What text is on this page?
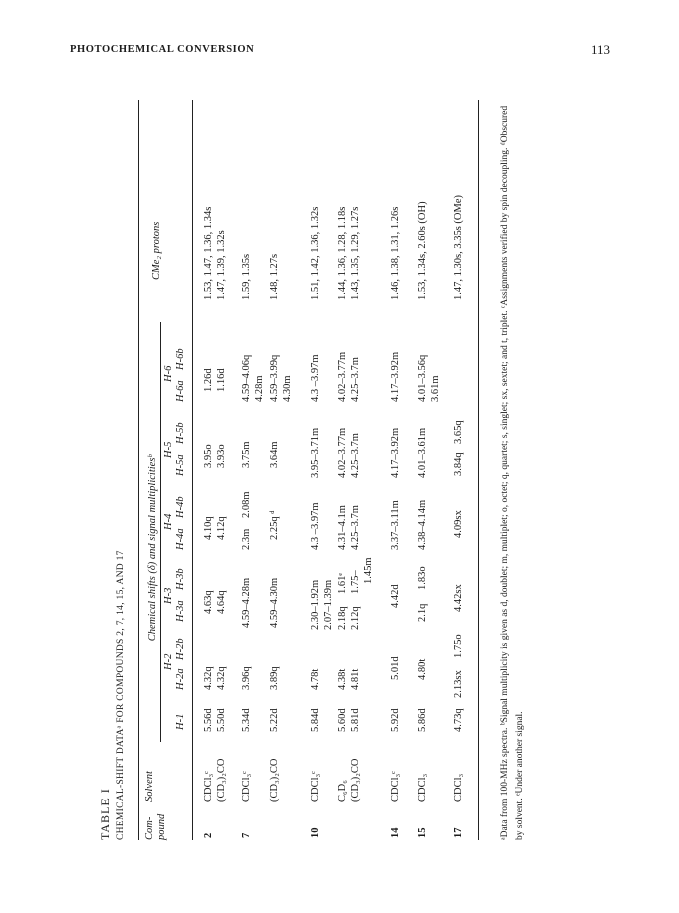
PHOTOCHEMICAL CONVERSION	113
TABLE I CHEMICAL-SHIFT DATAᵃ FOR COMPOUNDS 2, 7, 14, 15, AND 17 Com- pound
Solvent
Chemical shifts (δ) and signal multiplicitiesᵇ
H-1
H-2
H-2a
H-2b
H-3
H-3a
H-3b
H-4
H-4a
H-4b
H-5
H-5a
H-5b
H-6
H-6a
H-6b
CMe₂ protons
2
CDCl₃ᶜ
5.56d
4.32q
4.63q
4.10q
3.95o
1.26d
1.53, 1.47, 1.36, 1.34s
(CD₃)₂CO
5.50d
4.32q
4.64q
4.12q
3.93o
1.16d
1.47, 1.39, 1.32s
7
CDCl₃ᶜ
5.34d
3.96q
4.59–4.28m
2.3m
2.08m
3.75m
4.59–4.06q 4.28m
1.59, 1.35s
(CD₃)₂CO
5.22d
3.89q
4.59–4.30m
2.25q ᵈ
3.64m
4.59–3.99q 4.30m
1.48, 1.27s
10
CDCl₃ᶜ
5.84d
4.78t
2.30–1.92m 2.07–1.39m
4.3 –3.97m
3.95–3.71m
4.3 –3.97m
1.51, 1.42, 1.36, 1.32s
C₆D₆
5.60d
4.38t
2.18q
1.61ᵉ
4.31–4.1m
4.02–3.77m
4.02–3.77m
1.44, 1.36, 1.28, 1.18s
(CD₃)₂CO
5.81d
4.81t
2.12q
1.75– 1.45m
4.25–3.7m
4.25–3.7m
4.25–3.7m
1.43, 1.35, 1.29, 1.27s
14
CDCl₃ᶜ
5.92d
5.01d
4.42d
3.37–3.11m
4.17–3.92m
4.17–3.92m
1.46, 1.38, 1.31, 1.26s
15
CDCl₃
5.86d
4.80t
2.1q
1.83o
4.38–4.14m
4.01–3.61m
4.01–3.56q 3.61m
1.53, 1.34s, 2.60s (OH)
17
CDCl₃
4.73q
2.13sx
1.75o
4.42sx
4.09sx
3.84q
3.65q
1.47, 1.30s, 3.35s (OMe)	ᵃData from 100-MHz spectra. ᵇSignal multiplicity is given as d, doublet; m, multiplet; o, octet; q, quartet; s, singlet; sx, sextet; and t, triplet. ᶜAssignments verified by spin decoupling. ᵈObscured by solvent. ᵉUnder another signal.
